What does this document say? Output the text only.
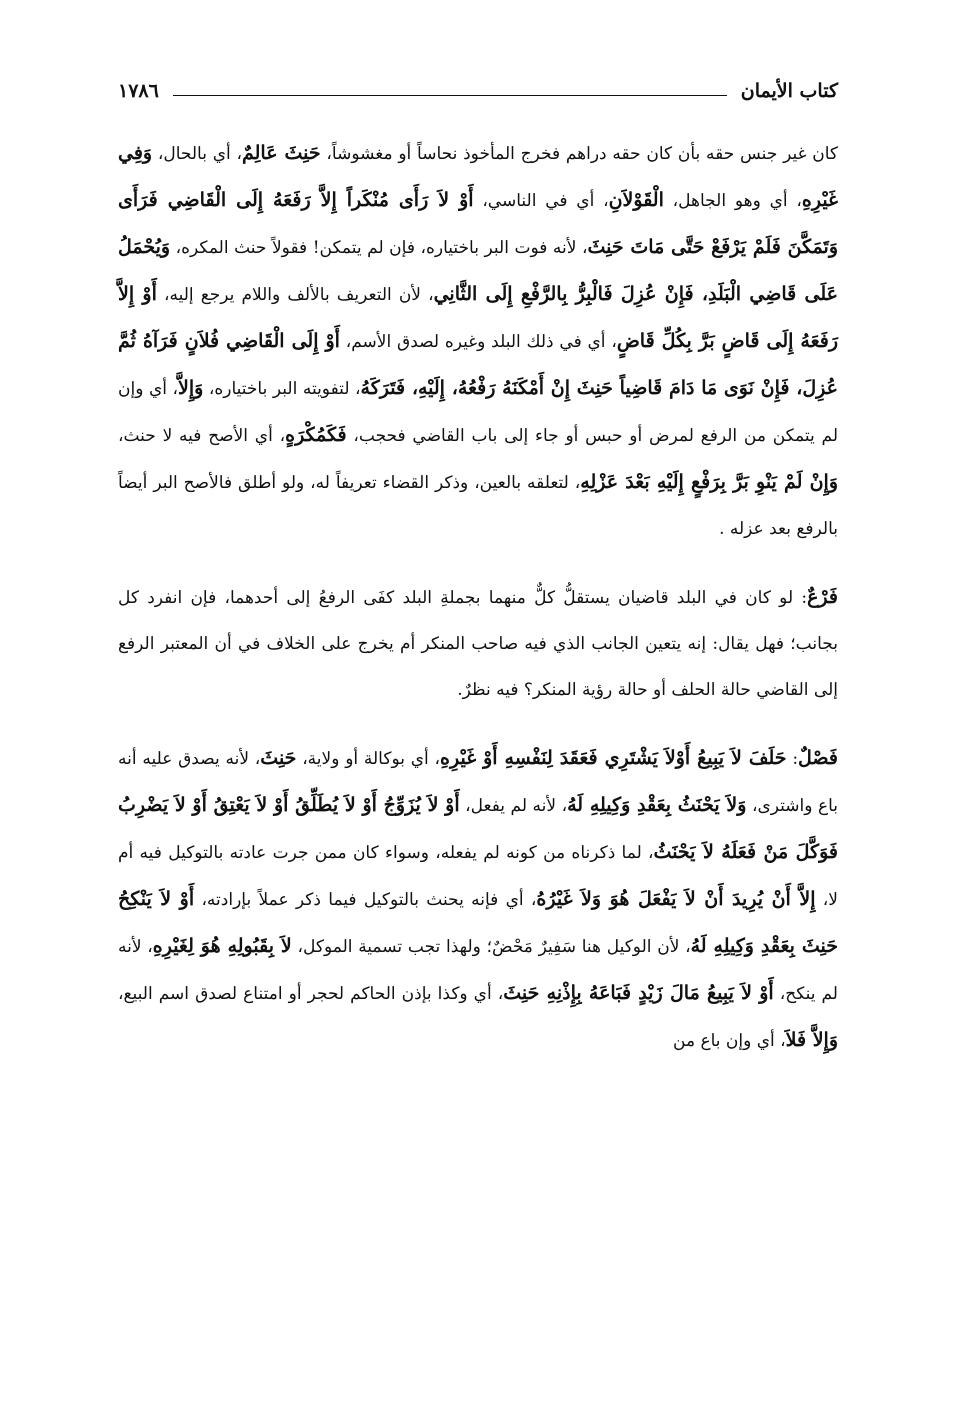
كتاب الأيمان
١٧٨٦

كان غير جنس حقه بأن كان حقه دراهم فخرج المأخوذ نحاساً أو مغشوشاً، حَنِثَ عَالِمٌ، أي بالحال، وَفِي غَيْرِهِ، أي وهو الجاهل، الْقَوْلاَنِ، أي في الناسي، أَوْ لاَ رَأَى مُنْكَراً إِلاَّ رَفَعَهُ إِلَى الْقَاضِي فَرَأَى وَتَمَكَّنَ فَلَمْ يَرْفَعْ حَتَّى مَاتَ حَنِثَ، لأنه فوت البر باختياره، فإن لم يتمكن! فقولاً حنث المكره، وَيُحْمَلُ عَلَى قَاضِي الْبَلَدِ، فَإِنْ عُزِلَ فَالْبِرُّ بِالرَّفْعِ إِلَى الثَّانِي، لأن التعريف بالألف واللام يرجع إليه، أَوْ إِلاَّ رَفَعَهُ إِلَى قَاضٍ بَرَّ بِكُلِّ قَاضٍ، أي في ذلك البلد وغيره لصدق الأسم، أَوْ إِلَى الْقَاضِي فُلاَنٍ فَرَآهُ ثُمَّ عُزِلَ، فَإِنْ نَوَى مَا دَامَ قَاضِياً حَنِثَ إِنْ أَمْكَنَهُ رَفْعُهُ، إِلَيْهِ، فَتَرَكَهُ، لتفويته البر باختياره، وَإِلاَّ، أي وإن لم يتمكن من الرفع لمرض أو حبس أو جاء إلى باب القاضي فحجب، فَكَمُكْرَهٍ، أي الأصح فيه لا حنث، وَإِنْ لَمْ يَنْوِ بَرَّ بِرَفْعٍ إِلَيْهِ بَعْدَ عَزْلِهِ، لتعلقه بالعين، وذكر القضاء تعريفاً له، ولو أطلق فالأصح البر أيضاً بالرفع بعد عزله .

فَرْعٌ: لو كان في البلد قاضيان يستقلُّ كلٌّ منهما بجملةِ البلد كفَى الرفعُ إلى أحدهما، فإن انفرد كل بجانب؛ فهل يقال: إنه يتعين الجانب الذي فيه صاحب المنكر أم يخرج على الخلاف في أن المعتبر الرفع إلى القاضي حالة الحلف أو حالة رؤية المنكر؟ فيه نظرٌ.

فَصْلٌ: حَلَفَ لاَ يَبِيعُ أَوْلاَ يَشْتَرِي فَعَقَدَ لِنَفْسِهِ أَوْ غَيْرِهِ، أي بوكالة أو ولاية، حَنِثَ، لأنه يصدق عليه أنه باع واشترى، وَلاَ يَحْنَثُ بِعَقْدِ وَكِيلِهِ لَهُ، لأنه لم يفعل، أَوْ لاَ يُزَوِّجُ أَوْ لاَ يُطَلِّقُ أَوْ لاَ يَعْتِقُ أَوْ لاَ يَضْرِبُ فَوَكَّلَ مَنْ فَعَلَهُ لاَ يَحْنَثُ، لما ذكرناه من كونه لم يفعله، وسواء كان ممن جرت عادته بالتوكيل فيه أم لا، إِلاَّ أَنْ يُرِيدَ أَنْ لاَ يَفْعَلَ هُوَ وَلاَ غَيْرُهُ، أي فإنه يحنث بالتوكيل فيما ذكر عملاً بإرادته، أَوْ لاَ يَنْكِحُ حَنِثَ بِعَقْدِ وَكِيلِهِ لَهُ، لأن الوكيل هنا سَفِيرٌ مَحْضٌ؛ ولهذا تجب تسمية الموكل، لاَ بِقَبُولِهِ هُوَ لِغَيْرِهِ، لأنه لم ينكح، أَوْ لاَ يَبِيعُ مَالَ زَيْدٍ فَبَاعَهُ بِإِذْنِهِ حَنِثَ، أي وكذا بإذن الحاكم لحجر أو امتناع لصدق اسم البيع، وَإِلاَّ فَلاَ، أي وإن باع من
